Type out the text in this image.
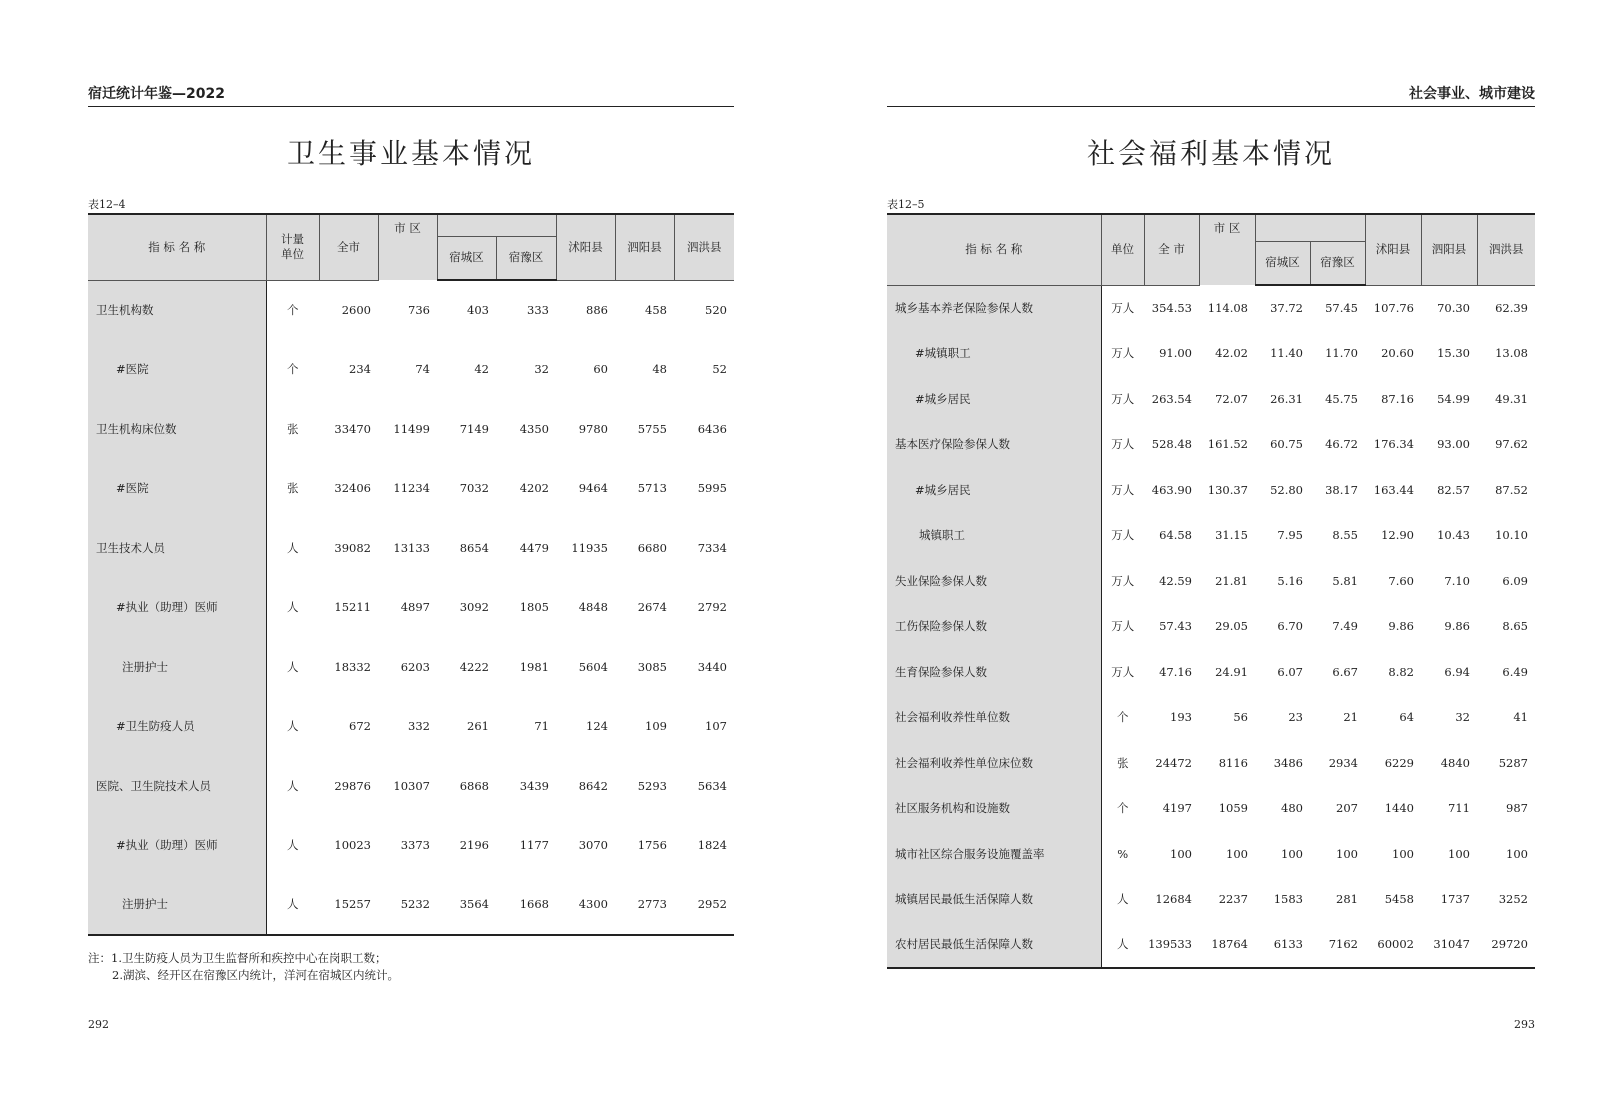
宿迁统计年鉴—2022
卫生事业基本情况
表12–4
指 标 名 称	计量单位	全市	市 区			沭阳县	泗阳县	泗洪县
				宿城区	宿豫区			
卫生机构数	个	2600	736	403	333	886	458	520
#医院	个	234	74	42	32	60	48	52
卫生机构床位数	张	33470	11499	7149	4350	9780	5755	6436
#医院	张	32406	11234	7032	4202	9464	5713	5995
卫生技术人员	人	39082	13133	8654	4479	11935	6680	7334
#执业（助理）医师	人	15211	4897	3092	1805	4848	2674	2792
注册护士	人	18332	6203	4222	1981	5604	3085	3440
#卫生防疫人员	人	672	332	261	71	124	109	107
医院、卫生院技术人员	人	29876	10307	6868	3439	8642	5293	5634
#执业（助理）医师	人	10023	3373	2196	1177	3070	1756	1824
注册护士	人	15257	5232	3564	1668	4300	2773	2952
注：1.卫生防疫人员为卫生监督所和疾控中心在岗职工数；
2.湖滨、经开区在宿豫区内统计，洋河在宿城区内统计。
292
社会事业、城市建设
社会福利基本情况
表12–5
指 标 名 称	单位	全 市	市 区			沭阳县	泗阳县	泗洪县
				宿城区	宿豫区			
城乡基本养老保险参保人数	万人	354.53	114.08	37.72	57.45	107.76	70.30	62.39
#城镇职工	万人	91.00	42.02	11.40	11.70	20.60	15.30	13.08
#城乡居民	万人	263.54	72.07	26.31	45.75	87.16	54.99	49.31
基本医疗保险参保人数	万人	528.48	161.52	60.75	46.72	176.34	93.00	97.62
#城乡居民	万人	463.90	130.37	52.80	38.17	163.44	82.57	87.52
城镇职工	万人	64.58	31.15	7.95	8.55	12.90	10.43	10.10
失业保险参保人数	万人	42.59	21.81	5.16	5.81	7.60	7.10	6.09
工伤保险参保人数	万人	57.43	29.05	6.70	7.49	9.86	9.86	8.65
生育保险参保人数	万人	47.16	24.91	6.07	6.67	8.82	6.94	6.49
社会福利收养性单位数	个	193	56	23	21	64	32	41
社会福利收养性单位床位数	张	24472	8116	3486	2934	6229	4840	5287
社区服务机构和设施数	个	4197	1059	480	207	1440	711	987
城市社区综合服务设施覆盖率	%	100	100	100	100	100	100	100
城镇居民最低生活保障人数	人	12684	2237	1583	281	5458	1737	3252
农村居民最低生活保障人数	人	139533	18764	6133	7162	60002	31047	29720
293
